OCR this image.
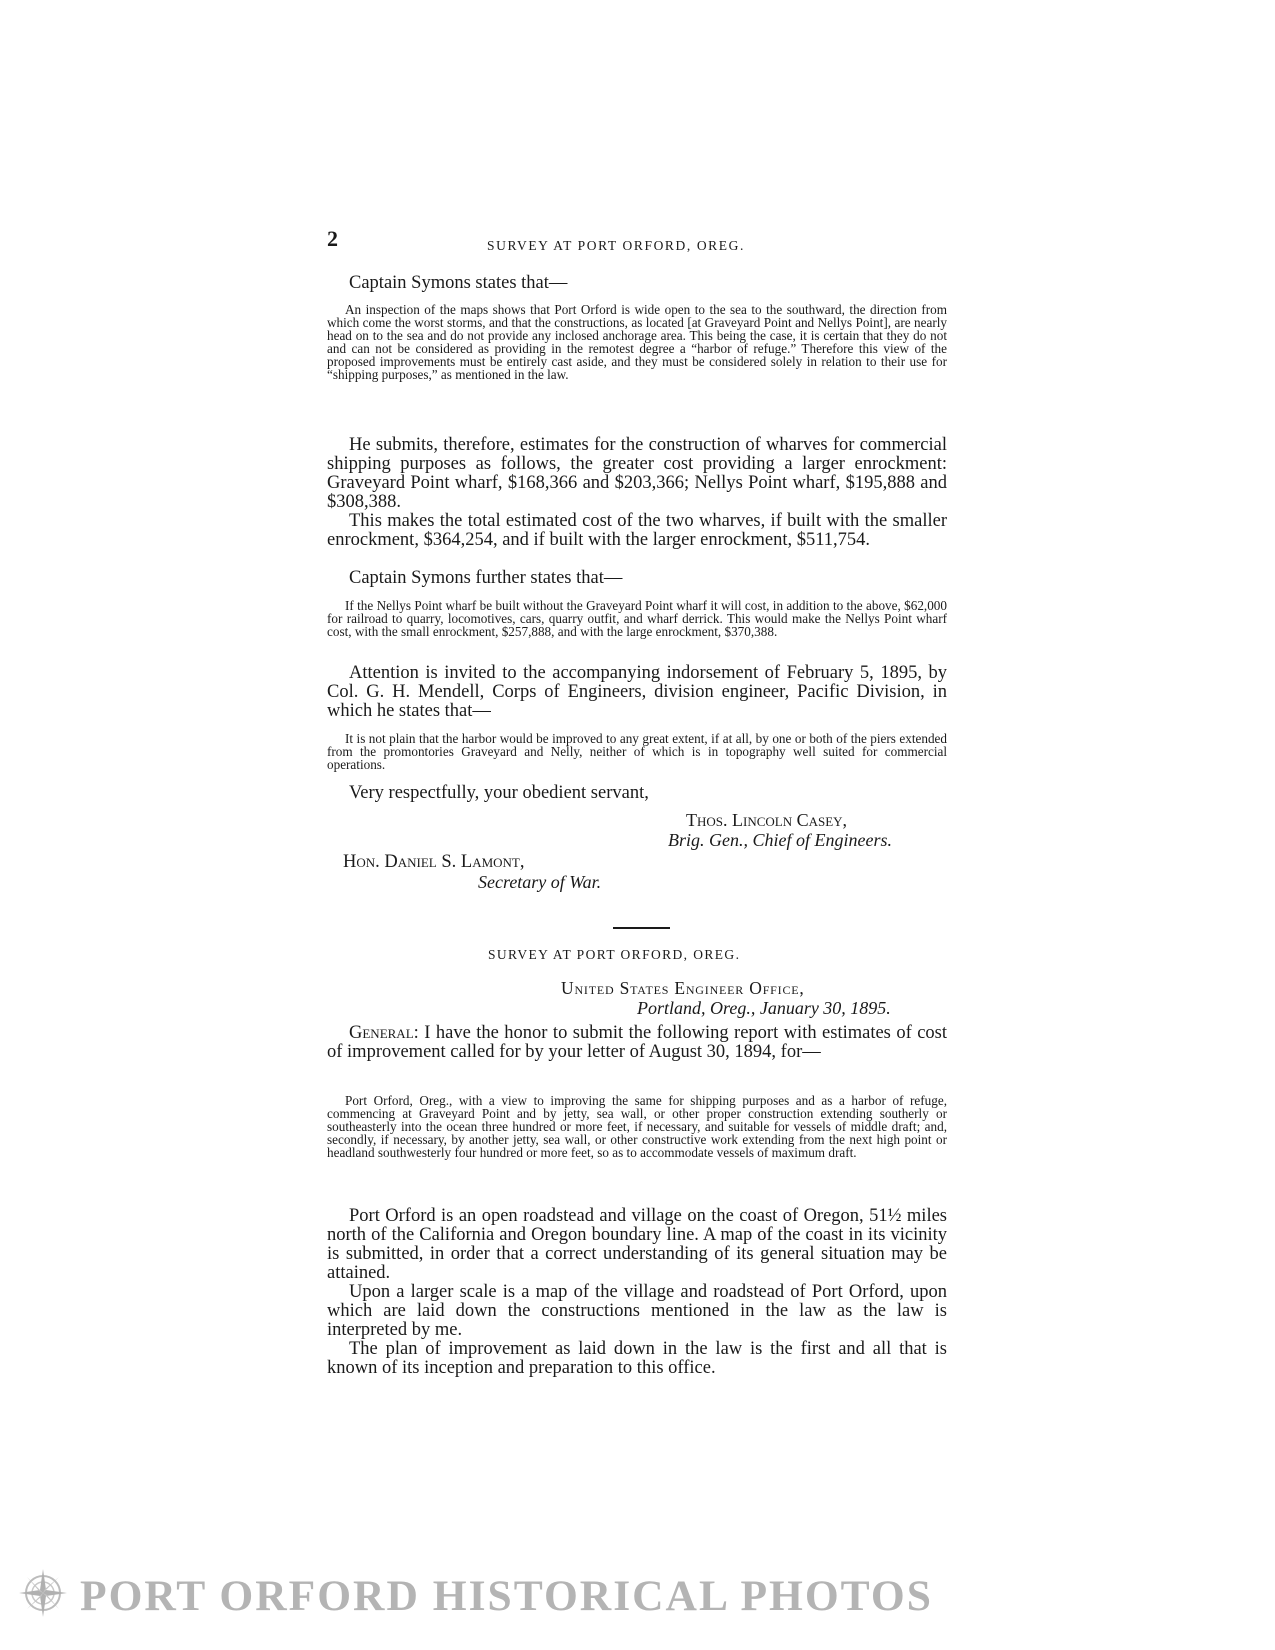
2	SURVEY AT PORT ORFORD, OREG.

Captain Symons states that—

An inspection of the maps shows that Port Orford is wide open to the sea to the southward, the direction from which come the worst storms, and that the constructions, as located [at Graveyard Point and Nellys Point], are nearly head on to the sea and do not provide any inclosed anchorage area. This being the case, it is certain that they do not and can not be considered as providing in the remotest degree a “harbor of refuge.” Therefore this view of the proposed improvements must be entirely cast aside, and they must be considered solely in relation to their use for “shipping purposes,” as mentioned in the law.

He submits, therefore, estimates for the construction of wharves for commercial shipping purposes as follows, the greater cost providing a larger enrockment: Graveyard Point wharf, $168,366 and $203,366; Nellys Point wharf, $195,888 and $308,388.

This makes the total estimated cost of the two wharves, if built with the smaller enrockment, $364,254, and if built with the larger enrockment, $511,754.

Captain Symons further states that—

If the Nellys Point wharf be built without the Graveyard Point wharf it will cost, in addition to the above, $62,000 for railroad to quarry, locomotives, cars, quarry outfit, and wharf derrick. This would make the Nellys Point wharf cost, with the small enrockment, $257,888, and with the large enrockment, $370,388.

Attention is invited to the accompanying indorsement of February 5, 1895, by Col. G. H. Mendell, Corps of Engineers, division engineer, Pacific Division, in which he states that—

It is not plain that the harbor would be improved to any great extent, if at all, by one or both of the piers extended from the promontories Graveyard and Nelly, neither of which is in topography well suited for commercial operations.

Very respectfully, your obedient servant,

Thos. Lincoln Casey,
Brig. Gen., Chief of Engineers.
Hon. Daniel S. Lamont,
Secretary of War.
SURVEY AT PORT ORFORD, OREG.
United States Engineer Office,
Portland, Oreg., January 30, 1895.

General: I have the honor to submit the following report with estimates of cost of improvement called for by your letter of August 30, 1894, for—

Port Orford, Oreg., with a view to improving the same for shipping purposes and as a harbor of refuge, commencing at Graveyard Point and by jetty, sea wall, or other proper construction extending southerly or southeasterly into the ocean three hundred or more feet, if necessary, and suitable for vessels of middle draft; and, secondly, if necessary, by another jetty, sea wall, or other constructive work extending from the next high point or headland southwesterly four hundred or more feet, so as to accommodate vessels of maximum draft.

Port Orford is an open roadstead and village on the coast of Oregon, 51½ miles north of the California and Oregon boundary line. A map of the coast in its vicinity is submitted, in order that a correct understanding of its general situation may be attained.

Upon a larger scale is a map of the village and roadstead of Port Orford, upon which are laid down the constructions mentioned in the law as the law is interpreted by me.

The plan of improvement as laid down in the law is the first and all that is known of its inception and preparation to this office.

PORT ORFORD HISTORICAL PHOTOS
